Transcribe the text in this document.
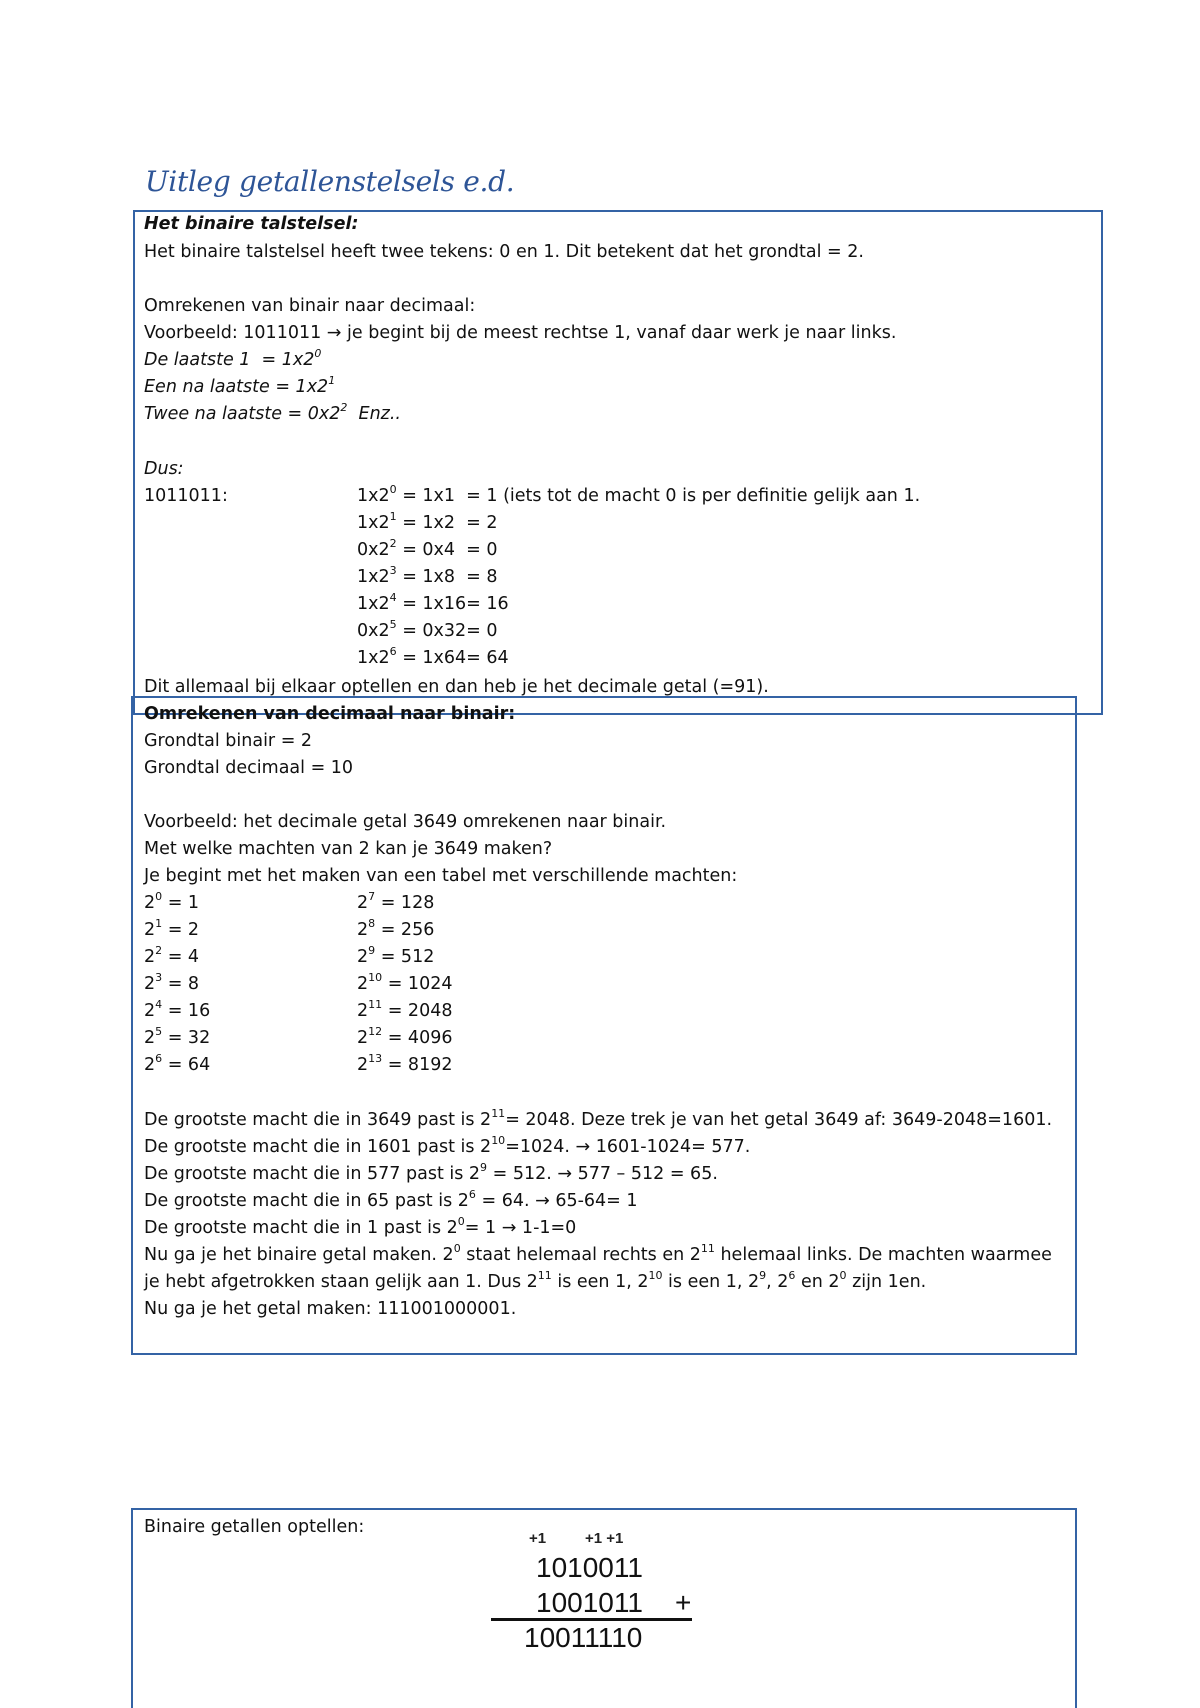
Uitleg getallenstelsels e.d.
Het binaire talstelsel:
Het binaire talstelsel heeft twee tekens: 0 en 1. Dit betekent dat het grondtal = 2.
Omrekenen van binair naar decimaal:
Voorbeeld: 1011011 → je begint bij de meest rechtse 1, vanaf daar werk je naar links.
De laatste $1 = 1x2^0$
Een na laatste = $1x2^1$
Twee na laatste = $0x2^2$  Enz..
Dus:
1011011:	$1x2^0 = 1x1 = 1$ (iets tot de macht 0 is per definitie gelijk aan 1.
$1x2^1 = 1x2 = 2$
$0x2^2 = 0x4 = 0$
$1x2^3 = 1x8 = 8$
$1x2^4 = 1x16= 16$
$0x2^5 = 0x32= 0$
$1x2^6 = 1x64= 64$
Dit allemaal bij elkaar optellen en dan heb je het decimale getal (=91).
Omrekenen van decimaal naar binair:
Grondtal binair = 2
Grondtal decimaal = 10
Voorbeeld: het decimale getal 3649 omrekenen naar binair.
Met welke machten van 2 kan je 3649 maken?
Je begint met het maken van een tabel met verschillende machten:
$2^0 = 1$
$2^1 = 2$
$2^2 = 4$
$2^3 = 8$
$2^4 = 16$
$2^5 = 32$
$2^6 = 64$
$2^7 = 128$
$2^8 = 256$
$2^9 = 512$
$2^{10} = 1024$
$2^{11} = 2048$
$2^{12} = 4096$
$2^{13} = 8192$
De grootste macht die in 3649 past is $2^{11}= 2048$. Deze trek je van het getal 3649 af: 3649-2048=1601.
De grootste macht die in 1601 past is $2^{10}=1024$. → 1601-1024= 577.
De grootste macht die in 577 past is $2^9 = 512$. → 577 – 512 = 65.
De grootste macht die in 65 past is $2^6 = 64$. → 65-64= 1
De grootste macht die in 1 past is $2^0= 1 \to 1-1=0$
Nu ga je het binaire getal maken. $2^0$ staat helemaal rechts en $2^{11}$ helemaal links. De machten waarmee
je hebt afgetrokken staan gelijk aan 1. Dus $2^{11}$ is een 1, $2^{10}$ is een 1, $2^9$, $2^6$ en $2^0$ zijn 1en.
Nu ga je het getal maken: 111001000001.
Binaire getallen optellen:
+1	+1 +1
1010011
1001011 +
10011110
